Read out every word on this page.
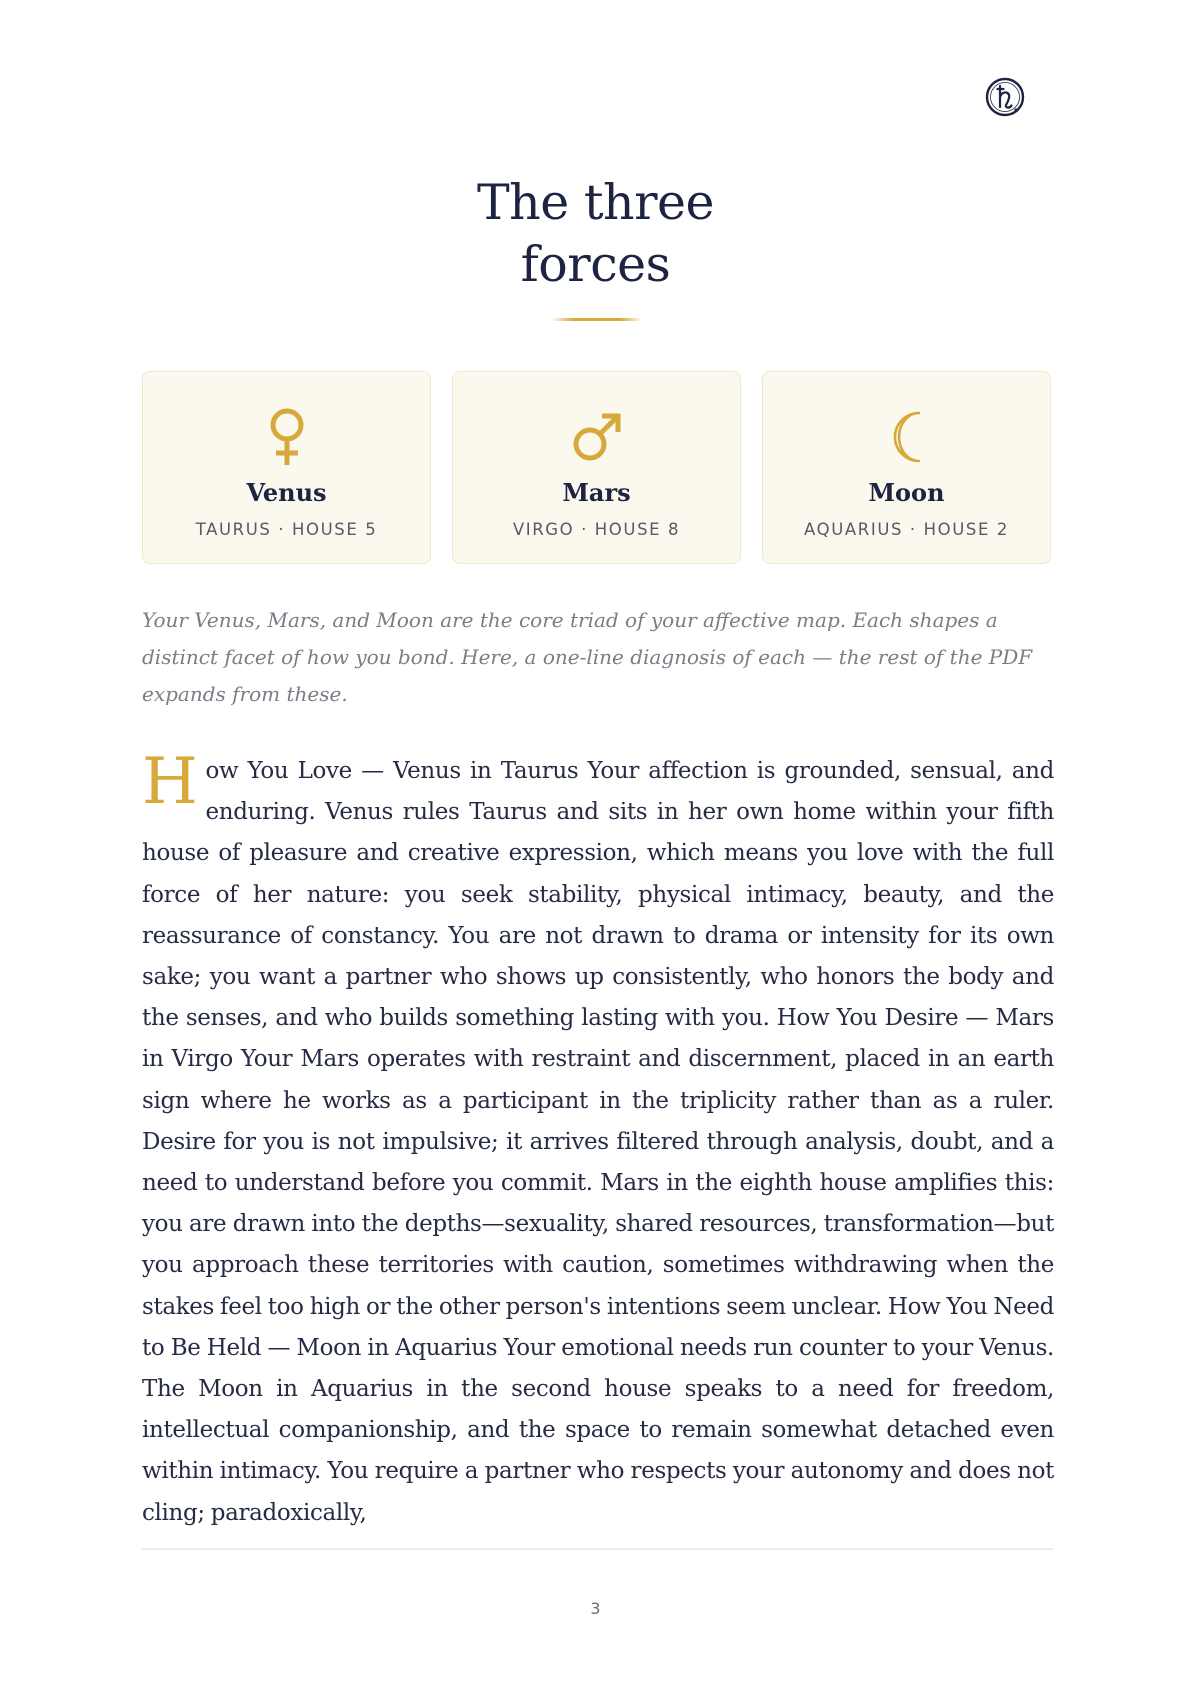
The three
forces
Venus
TAURUS · HOUSE 5
Mars
VIRGO · HOUSE 8
Moon
AQUARIUS · HOUSE 2

Your Venus, Mars, and Moon are the core triad of your affective map. Each shapes a distinct facet of how you bond. Here, a one-line diagnosis of each — the rest of the PDF expands from these.

How You Love — Venus in Taurus Your affection is grounded, sensual, and enduring. Venus rules Taurus and sits in her own home within your fifth house of pleasure and creative expression, which means you love with the full force of her nature: you seek stability, physical intimacy, beauty, and the reassurance of constancy. You are not drawn to drama or intensity for its own sake; you want a partner who shows up consistently, who honors the body and the senses, and who builds something lasting with you. How You Desire — Mars in Virgo Your Mars operates with restraint and discernment, placed in an earth sign where he works as a participant in the triplicity rather than as a ruler. Desire for you is not impulsive; it arrives filtered through analysis, doubt, and a need to understand before you commit. Mars in the eighth house amplifies this: you are drawn into the depths—sexuality, shared resources, transformation—but you approach these territories with caution, sometimes withdrawing when the stakes feel too high or the other person's intentions seem unclear. How You Need to Be Held — Moon in Aquarius Your emotional needs run counter to your Venus. The Moon in Aquarius in the second house speaks to a need for freedom, intellectual companionship, and the space to remain somewhat detached even within intimacy. You require a partner who respects your autonomy and does not cling; paradoxically,

3
